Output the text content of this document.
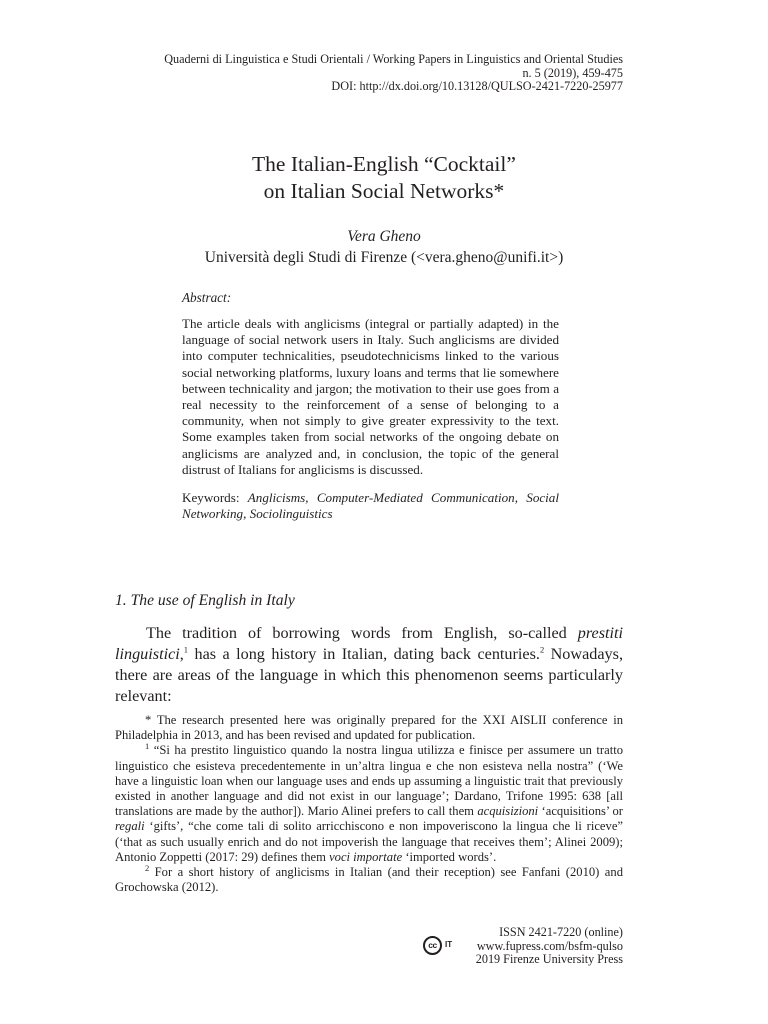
Quaderni di Linguistica e Studi Orientali / Working Papers in Linguistics and Oriental Studies
n. 5 (2019), 459-475
DOI: http://dx.doi.org/10.13128/QULSO-2421-7220-25977
The Italian-English “Cocktail”
on Italian Social Networks*
Vera Gheno
Università degli Studi di Firenze (<vera.gheno@unifi.it>)
Abstract:
The article deals with anglicisms (integral or partially adapted) in the language of social network users in Italy. Such anglicisms are divided into computer technicalities, pseudotechnicisms linked to the various social networking platforms, luxury loans and terms that lie somewhere between technicality and jargon; the motivation to their use goes from a real necessity to the reinforcement of a sense of belonging to a community, when not simply to give greater expressivity to the text. Some examples taken from social networks of the ongoing debate on anglicisms are analyzed and, in conclusion, the topic of the general distrust of Italians for anglicisms is discussed.
Keywords: Anglicisms, Computer-Mediated Communication, Social Networking, Sociolinguistics
1. The use of English in Italy
The tradition of borrowing words from English, so-called prestiti linguistici,$^1$ has a long history in Italian, dating back centuries.$^2$ Nowadays, there are areas of the language in which this phenomenon seems particularly relevant:

* The research presented here was originally prepared for the XXI AISLII conference in Philadelphia in 2013, and has been revised and updated for publication.

$^1$ “Si ha prestito linguistico quando la nostra lingua utilizza e finisce per assumere un tratto linguistico che esisteva precedentemente in un’altra lingua e che non esisteva nella nostra” (‘We have a linguistic loan when our language uses and ends up assuming a linguistic trait that previously existed in another language and did not exist in our language’; Dardano, Trifone 1995: 638 [all translations are made by the author]). Mario Alinei prefers to call them acquisizioni ‘acquisitions’ or regali ‘gifts’, “che come tali di solito arricchiscono e non impoveriscono la lingua che li riceve” (‘that as such usually enrich and do not impoverish the language that receives them’; Alinei 2009); Antonio Zoppetti (2017: 29) defines them voci importate ‘imported words’.

$^2$ For a short history of anglicisms in Italian (and their reception) see Fanfani (2010) and Grochowska (2012).

cc	IT
ISSN 2421-7220 (online)
www.fupress.com/bsfm-qulso
2019 Firenze University Press
